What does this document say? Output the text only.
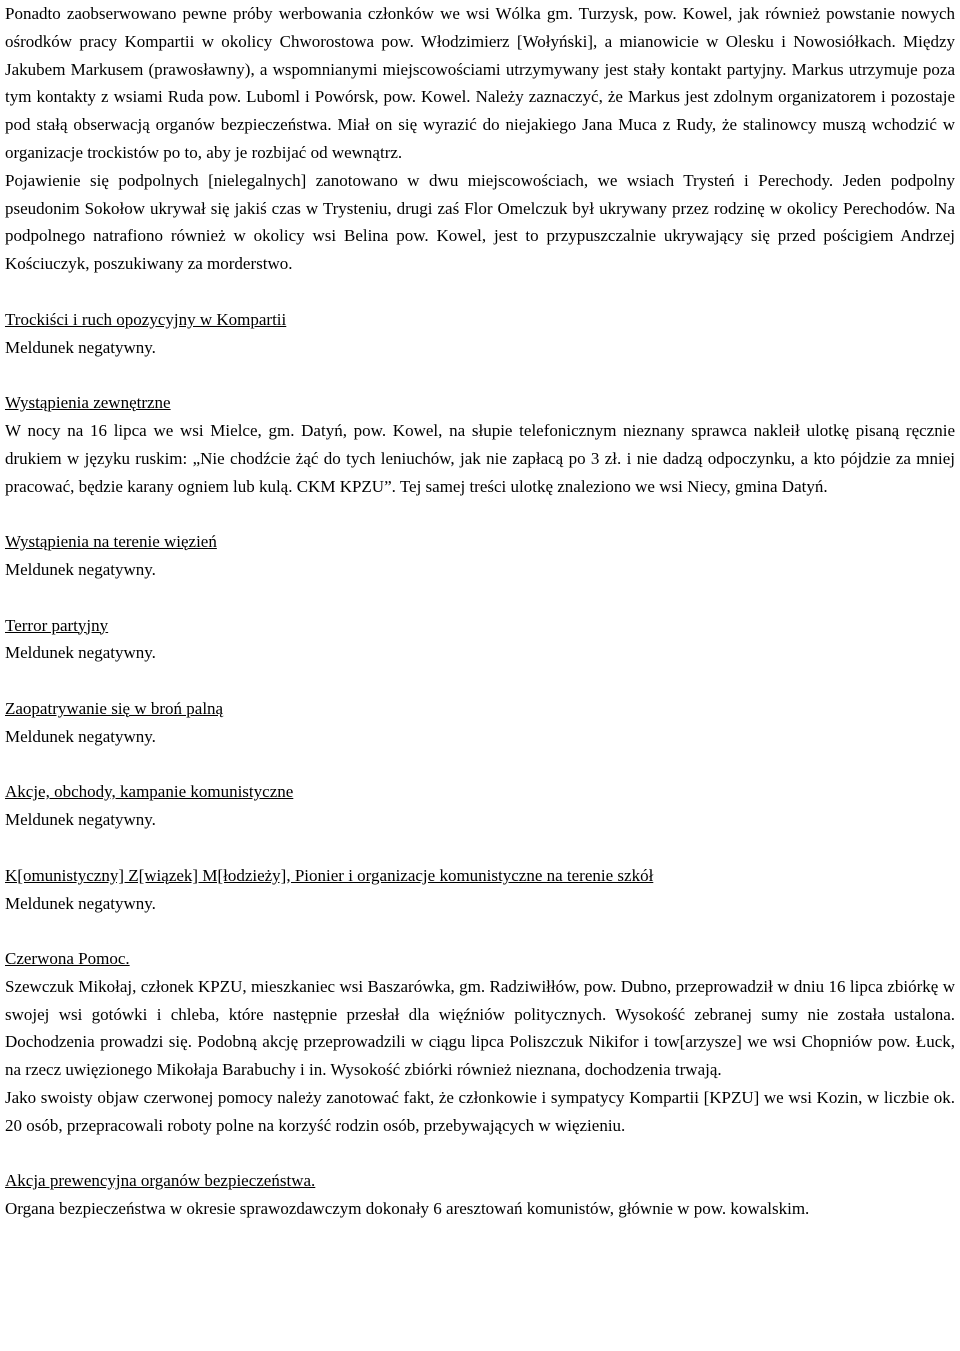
Ponadto zaobserwowano pewne próby werbowania członków we wsi Wólka gm. Turzysk, pow. Kowel, jak również powstanie nowych ośrodków pracy Kompartii w okolicy Chworostowa pow. Włodzimierz [Wołyński], a mianowicie w Olesku i Nowosiółkach. Między Jakubem Markusem (prawosławny), a wspomnianymi miejscowościami utrzymywany jest stały kontakt partyjny. Markus utrzymuje poza tym kontakty z wsiami Ruda pow. Luboml i Powórsk, pow. Kowel. Należy zaznaczyć, że Markus jest zdolnym organizatorem i pozostaje pod stałą obserwacją organów bezpieczeństwa. Miał on się wyrazić do niejakiego Jana Muca z Rudy, że stalinowcy muszą wchodzić w organizacje trockistów po to, aby je rozbijać od wewnątrz.

Pojawienie się podpolnych [nielegalnych] zanotowano w dwu miejscowościach, we wsiach Trysteń i Perechody. Jeden podpolny pseudonim Sokołow ukrywał się jakiś czas w Trysteniu, drugi zaś Flor Omelczuk był ukrywany przez rodzinę w okolicy Perechodów. Na podpolnego natrafiono również w okolicy wsi Belina pow. Kowel, jest to przypuszczalnie ukrywający się przed pościgiem Andrzej Kościuczyk, poszukiwany za morderstwo.

Trockiści i ruch opozycyjny w Kompartii

Meldunek negatywny.

Wystąpienia zewnętrzne

W nocy na 16 lipca we wsi Mielce, gm. Datyń, pow. Kowel, na słupie telefonicznym nieznany sprawca nakleił ulotkę pisaną ręcznie drukiem w języku ruskim: „Nie chodźcie żąć do tych leniuchów, jak nie zapłacą po 3 zł. i nie dadzą odpoczynku, a kto pójdzie za mniej pracować, będzie karany ogniem lub kulą. CKM KPZU”. Tej samej treści ulotkę znaleziono we wsi Niecy, gmina Datyń.

Wystąpienia na terenie więzień

Meldunek negatywny.

Terror partyjny

Meldunek negatywny.

Zaopatrywanie się w broń palną

Meldunek negatywny.

Akcje, obchody, kampanie komunistyczne

Meldunek negatywny.

K[omunistyczny] Z[wiązek] M[łodzieży], Pionier i organizacje komunistyczne na terenie szkół

Meldunek negatywny.

Czerwona Pomoc.

Szewczuk Mikołaj, członek KPZU, mieszkaniec wsi Baszarówka, gm. Radziwiłłów, pow. Dubno, przeprowadził w dniu 16 lipca zbiórkę w swojej wsi gotówki i chleba, które następnie przesłał dla więźniów politycznych. Wysokość zebranej sumy nie została ustalona. Dochodzenia prowadzi się. Podobną akcję przeprowadzili w ciągu lipca Poliszczuk Nikifor i tow[arzysze] we wsi Chopniów pow. Łuck, na rzecz uwięzionego Mikołaja Barabuchy i in. Wysokość zbiórki również nieznana, dochodzenia trwają.

Jako swoisty objaw czerwonej pomocy należy zanotować fakt, że członkowie i sympatycy Kompartii [KPZU] we wsi Kozin, w liczbie ok. 20 osób, przepracowali roboty polne na korzyść rodzin osób, przebywających w więzieniu.

Akcja prewencyjna organów bezpieczeństwa.

Organa bezpieczeństwa w okresie sprawozdawczym dokonały 6 aresztowań komunistów, głównie w pow. kowalskim.
